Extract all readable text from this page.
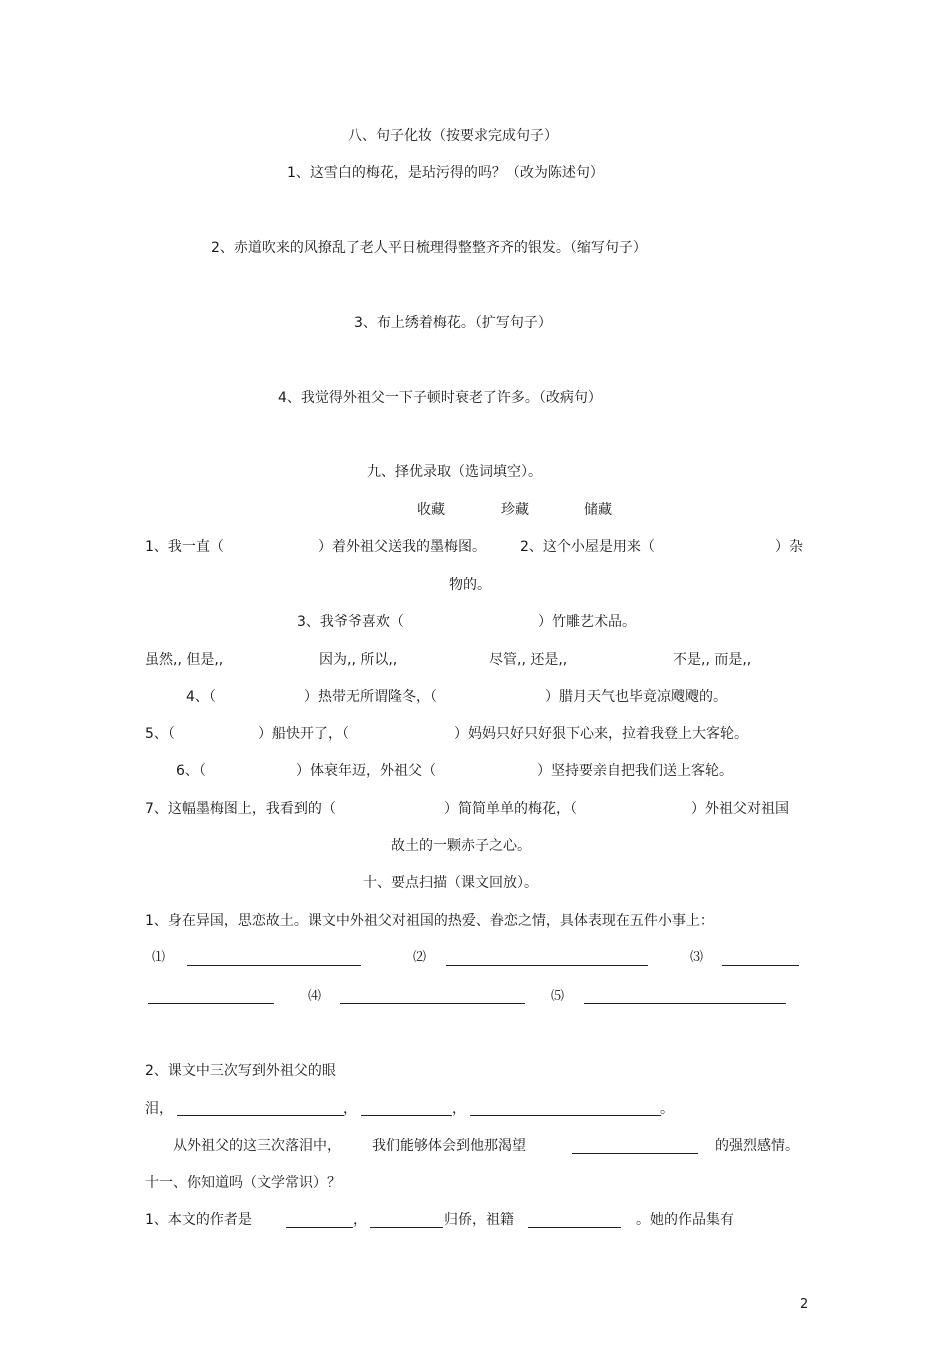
八、句子化妆（按要求完成句子）
1、这雪白的梅花，是玷污得的吗？（改为陈述句）
2、赤道吹来的风撩乱了老人平日梳理得整整齐齐的银发。（缩写句子）
3、布上绣着梅花。（扩写句子）
4、我觉得外祖父一下子顿时衰老了许多。（改病句）
九、择优录取（选词填空）。
收藏	珍藏	储藏
1、我一直（	）着外祖父送我的墨梅图。 2、这个小屋是用来（	）杂
物的。
3、我爷爷喜欢（	）竹雕艺术品。
虽然,, 但是,,	因为,, 所以,,	尽管,, 还是,,	不是,, 而是,,
4、（	）热带无所谓隆冬，（	）腊月天气也毕竟凉飕飕的。
5、（	）船快开了，（	）妈妈只好只好狠下心来，拉着我登上大客轮。
6、（	）体衰年迈，外祖父（	）坚持要亲自把我们送上客轮。
7、这幅墨梅图上，我看到的（	）简简单单的梅花，（	）外祖父对祖国
故土的一颗赤子之心。
十、要点扫描（课文回放）。
1、身在异国，思恋故土。课文中外祖父对祖国的热爱、眷恋之情，具体表现在五件小事上：
⑴	⑵	⑶
⑷	⑸
2、课文中三次写到外祖父的眼
泪，	，	，	。
从外祖父的这三次落泪中， 我们能够体会到他那渴望	的强烈感情。
十一、你知道吗（文学常识）？
1、本文的作者是	，	归侨，祖籍	。她的作品集有
2
